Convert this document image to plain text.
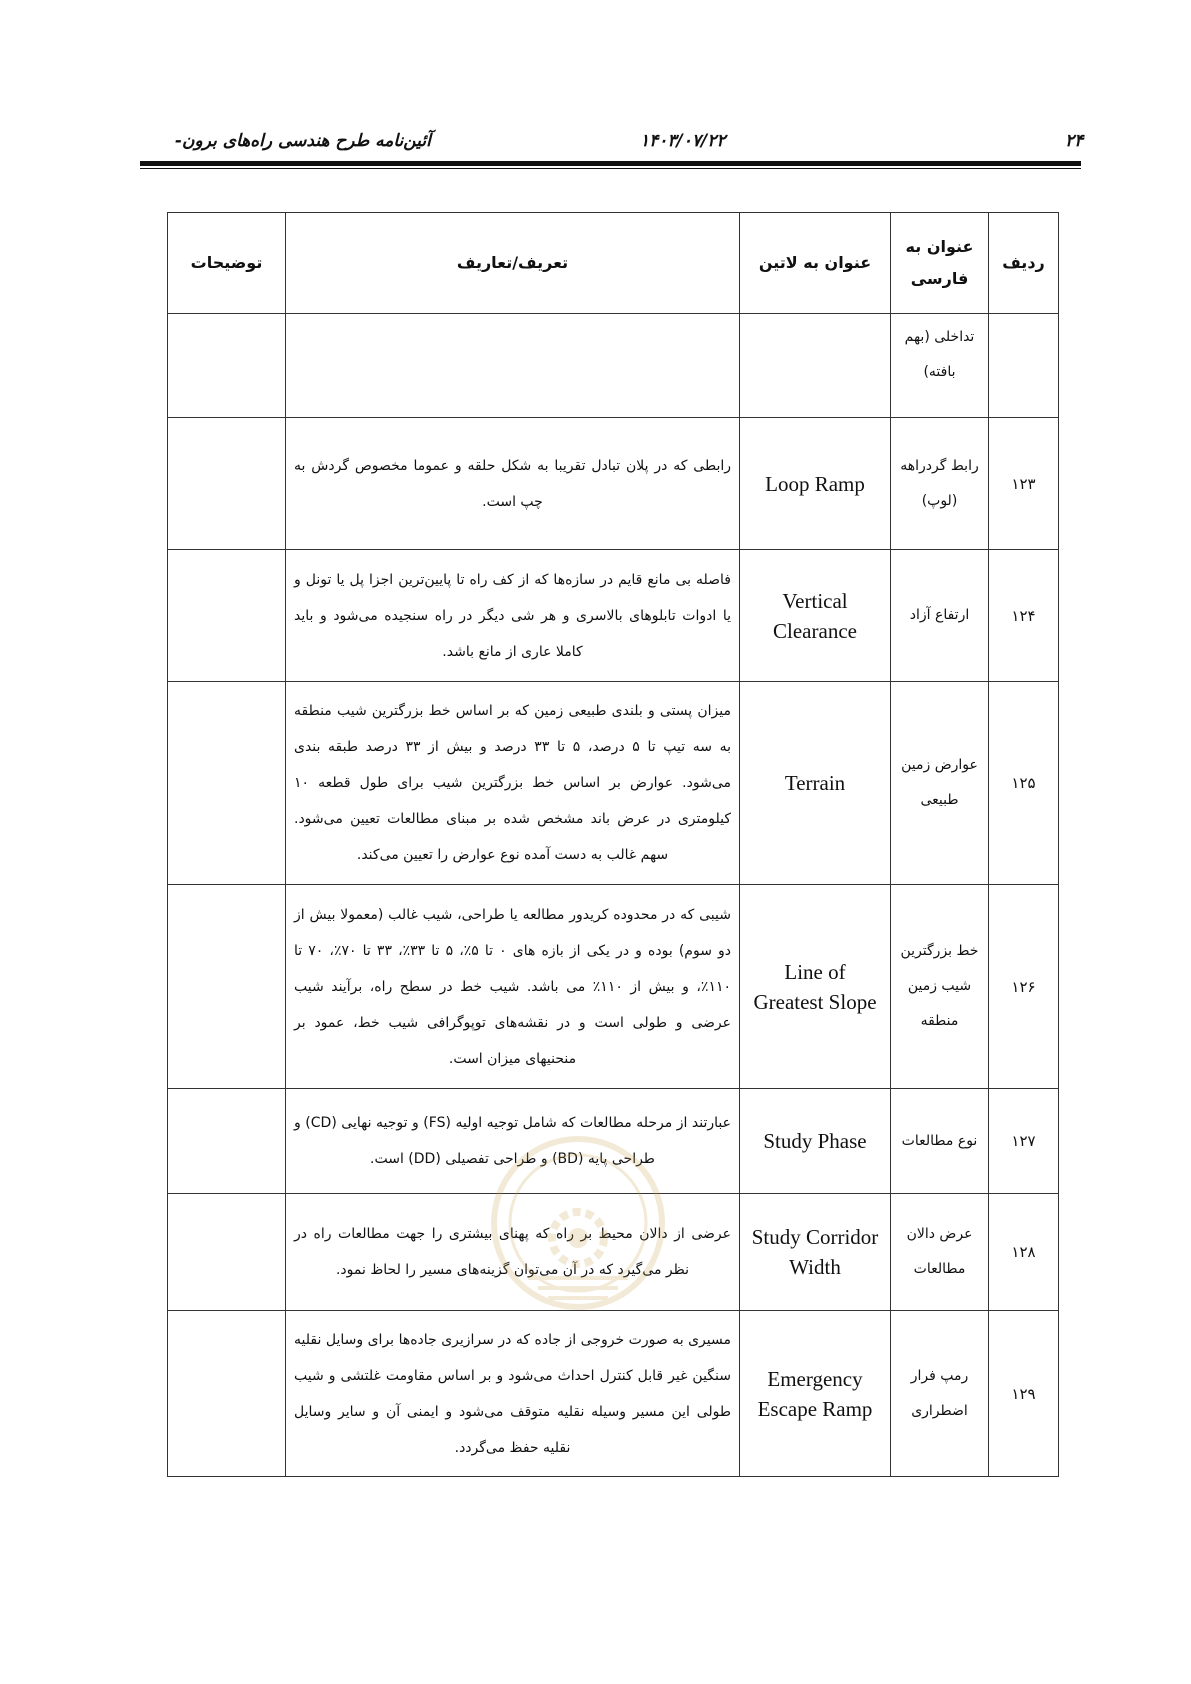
۲۴
۱۴۰۳/۰۷/۲۲
آئین‌نامه طرح هندسی راه‌های برون-
ردیف	عنوان به فارسی	عنوان به لاتین	تعریف/تعاریف	توضیحات
	تداخلی (بهم بافته)			
۱۲۳	رابط گردراهه (لوپ)	Loop Ramp	رابطی که در پلان تبادل تقریبا به شکل حلقه و عموما مخصوص گردش به چپ است.	
۱۲۴	ارتفاع آزاد	Vertical Clearance	فاصله بی مانع قایم در سازه‌ها که از کف راه تا پایین‌ترین اجزا پل یا تونل و یا ادوات تابلوهای بالاسری و هر شی دیگر در راه سنجیده می‌شود و باید کاملا عاری از مانع باشد.	
۱۲۵	عوارض زمین طبیعی	Terrain	میزان پستی و بلندی طبیعی زمین که بر اساس خط بزرگترین شیب منطقه به سه تیپ تا ۵ درصد، ۵ تا ۳۳ درصد و بیش از ۳۳ درصد طبقه بندی می‌شود. عوارض بر اساس خط بزرگترین شیب برای طول قطعه ۱۰ کیلومتری در عرض باند مشخص شده بر مبنای مطالعات تعیین می‌شود. سهم غالب به دست آمده نوع عوارض را تعیین می‌کند.	
۱۲۶	خط بزرگترین شیب زمین منطقه	Line of Greatest Slope	شیبی که در محدوده کریدور مطالعه یا طراحی، شیب غالب (معمولا بیش از دو سوم) بوده و در یکی از بازه های ۰ تا ۵٪، ۵ تا ۳۳٪، ۳۳ تا ۷۰٪، ۷۰ تا ۱۱۰٪، و بیش از ۱۱۰٪ می باشد. شیب خط در سطح راه، برآیند شیب عرضی و طولی است و در نقشه‌های توپوگرافی شیب خط، عمود بر منحنیهای میزان است.	
۱۲۷	نوع مطالعات	Study Phase	عبارتند از مرحله مطالعات که شامل توجیه اولیه (FS) و توجیه نهایی (CD) و طراحی پایه (BD) و طراحی تفصیلی (DD) است.	
۱۲۸	عرض دالان مطالعات	Study Corridor Width	عرضی از دالان محیط بر راه که پهنای بیشتری را جهت مطالعات راه در نظر می‌گیرد که در آن می‌توان گزینه‌های مسیر را لحاظ نمود.	
۱۲۹	رمپ فرار اضطراری	Emergency Escape Ramp	مسیری به صورت خروجی از جاده که در سرازیری جاده‌ها برای وسایل نقلیه سنگین غیر قابل کنترل احداث می‌شود و بر اساس مقاومت غلتشی و شیب طولی این مسیر وسیله نقلیه متوقف می‌شود و ایمنی آن و سایر وسایل نقلیه حفظ می‌گردد.	
